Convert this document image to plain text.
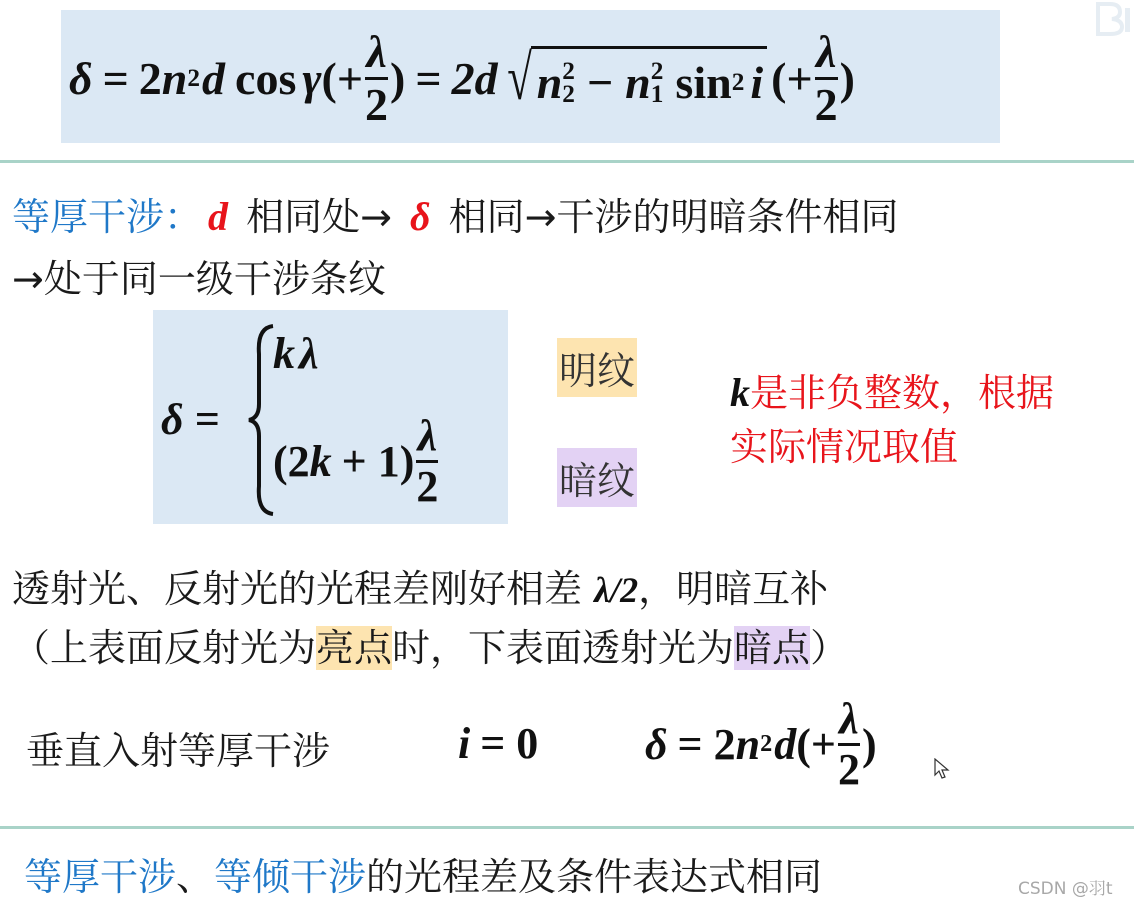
δ = 2 n 2 d cos γ (+ $\frac{\lambda}{2}$ ) = 2d √ n 2
2 − n 2
1 sin 2 i (+ $\frac{\lambda}{2}$ )
等厚干涉： d 相同处→ δ 相同→干涉的明暗条件相同
→处于同一级干涉条纹
δ =
kλ
(2 $k + 1) \frac{\lambda}{2}$
明纹
暗纹
k是非负整数，根据
实际情况取值
透射光、反射光的光程差刚好相差 λ/2，明暗互补
（上表面反射光为亮点时，下表面透射光为暗点）
垂直入射等厚干涉	i = 0 δ = 2 n 2 d (+ $\frac{\lambda}{2}$ )
等厚干涉、等倾干涉的光程差及条件表达式相同	CSDN @羽t
